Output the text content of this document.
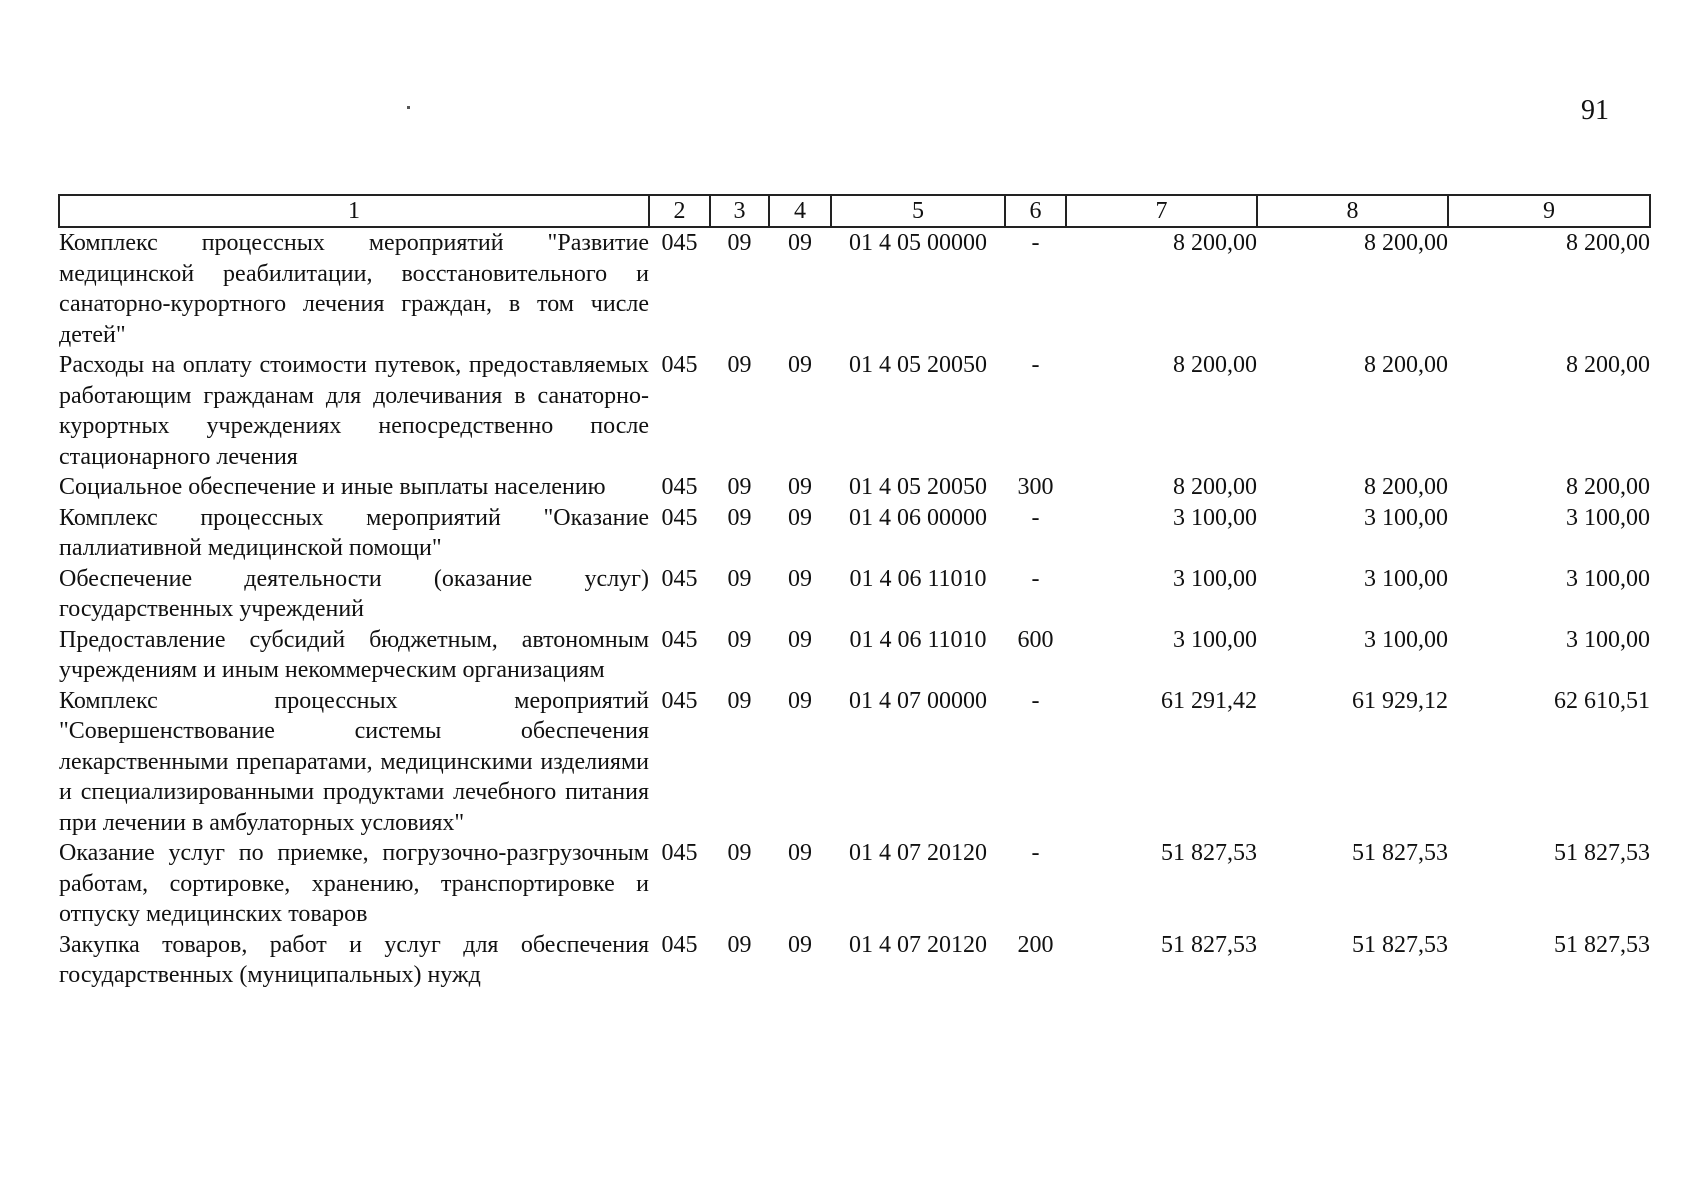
91
1	2	3	4	5	6	7	8	9
Комплекс процессных мероприятий "Развитие медицинской реабилитации, восстановительного и санаторно-курортного лечения граждан, в том числе детей"	045	09	09	01 4 05 00000	-	8 200,00	8 200,00	8 200,00
Расходы на оплату стоимости путевок, предоставляемых работающим гражданам для долечивания в санаторно-курортных учреждениях непосредственно после стационарного лечения	045	09	09	01 4 05 20050	-	8 200,00	8 200,00	8 200,00
Социальное обеспечение и иные выплаты населению	045	09	09	01 4 05 20050	300	8 200,00	8 200,00	8 200,00
Комплекс процессных мероприятий "Оказание паллиативной медицинской помощи"	045	09	09	01 4 06 00000	-	3 100,00	3 100,00	3 100,00
Обеспечение деятельности (оказание услуг) государственных учреждений	045	09	09	01 4 06 11010	-	3 100,00	3 100,00	3 100,00
Предоставление субсидий бюджетным, автономным учреждениям и иным некоммерческим организациям	045	09	09	01 4 06 11010	600	3 100,00	3 100,00	3 100,00
Комплекс процессных мероприятий "Совершенствование системы обеспечения лекарственными препаратами, медицинскими изделиями и специализированными продуктами лечебного питания при лечении в амбулаторных условиях"	045	09	09	01 4 07 00000	-	61 291,42	61 929,12	62 610,51
Оказание услуг по приемке, погрузочно-разгрузочным работам, сортировке, хранению, транспортировке и отпуску медицинских товаров	045	09	09	01 4 07 20120	-	51 827,53	51 827,53	51 827,53
Закупка товаров, работ и услуг для обеспечения государственных (муниципальных) нужд	045	09	09	01 4 07 20120	200	51 827,53	51 827,53	51 827,53
